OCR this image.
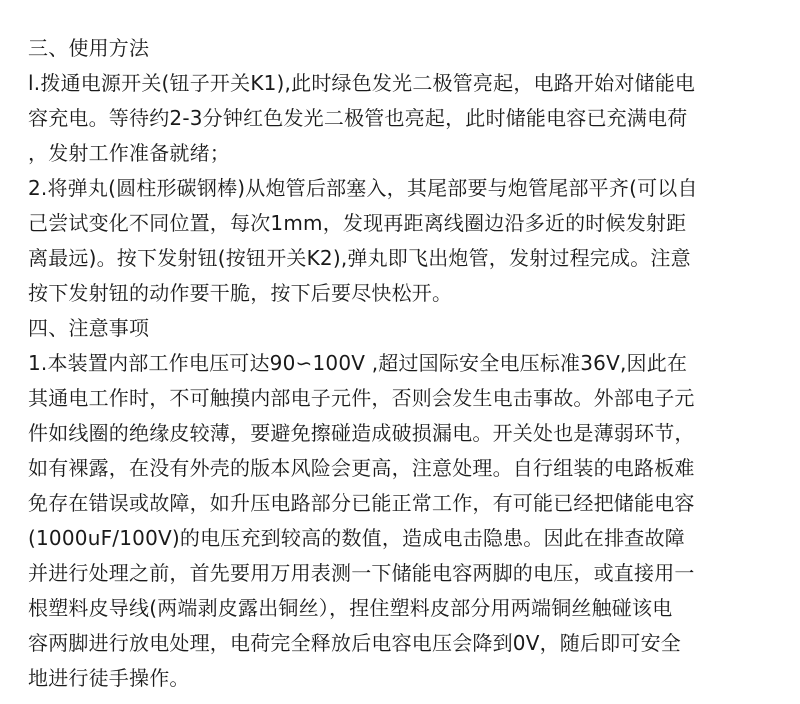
三、使用方法
l.拨通电源开关(钮子开关K1),此时绿色发光二极管亮起，电路开始对储能电
容充电。等待约2-3分钟红色发光二极管也亮起，此时储能电容已充满电荷
，发射工作准备就绪；
2.将弹丸(圆柱形碳钢棒)从炮管后部塞入，其尾部要与炮管尾部平齐(可以自
己尝试变化不同位置，每次1mm，发现再距离线圈边沿多近的时候发射距
离最远)。按下发射钮(按钮开关K2),弹丸即飞出炮管，发射过程完成。注意
按下发射钮的动作要干脆，按下后要尽快松开。
四、注意事项
1.本装置内部工作电压可达90∽100V ,超过国际安全电压标准36V,因此在
其通电工作时，不可触摸内部电子元件，否则会发生电击事故。外部电子元
件如线圈的绝缘皮较薄，要避免擦碰造成破损漏电。开关处也是薄弱环节，
如有裸露，在没有外壳的版本风险会更高，注意处理。自行组装的电路板难
免存在错误或故障，如升压电路部分已能正常工作，有可能已经把储能电容
(1000uF/100V)的电压充到较高的数值，造成电击隐患。因此在排查故障
并进行处理之前，首先要用万用表测一下储能电容两脚的电压，或直接用一
根塑料皮导线(两端剥皮露出铜丝），捏住塑料皮部分用两端铜丝触碰该电
容两脚进行放电处理，电荷完全释放后电容电压会降到0V，随后即可安全
地进行徒手操作。
